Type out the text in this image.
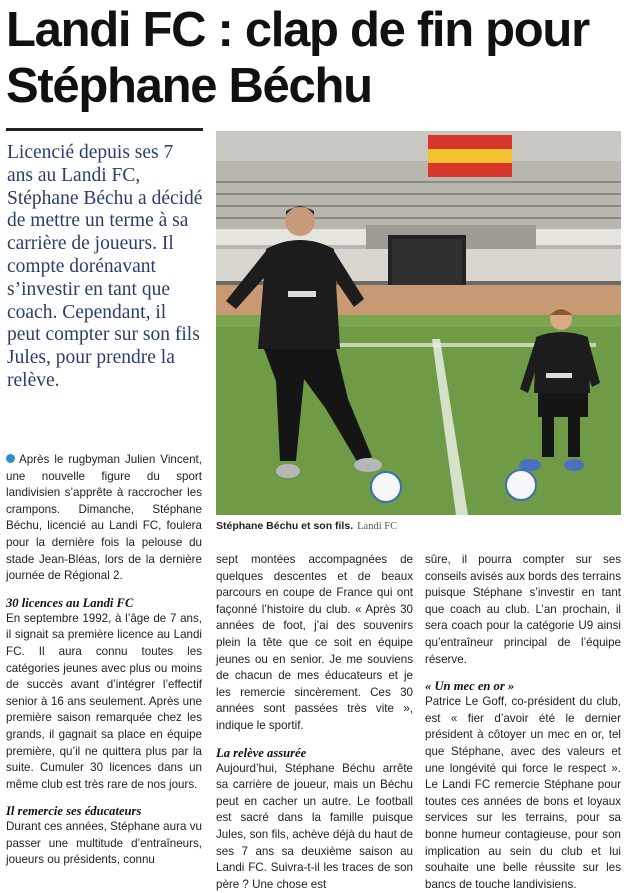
Landi FC : clap de fin pour Stéphane Béchu

Licencié depuis ses 7 ans au Landi FC, Stéphane Béchu a décidé de mettre un terme à sa carrière de joueurs. Il compte dorénavant s’investir en tant que coach. Cependant, il peut compter sur son fils Jules, pour prendre la relève.

Stéphane Béchu et son fils. Landi FC

Après le rugbyman Julien Vincent, une nouvelle figure du sport landivisien s’apprête à raccrocher les crampons. Dimanche, Stéphane Béchu, licencié au Landi FC, foulera pour la dernière fois la pelouse du stade Jean-Bléas, lors de la dernière journée de Régional 2.

30 licences au Landi FC

En septembre 1992, à l’âge de 7 ans, il signait sa première licence au Landi FC. Il aura connu toutes les catégories jeunes avec plus ou moins de succès avant d’intégrer l’effectif senior à 16 ans seulement. Après une première saison remarquée chez les grands, il gagnait sa place en équipe première, qu’il ne quittera plus par la suite. Cumuler 30 licences dans un même club est très rare de nos jours.

Il remercie ses éducateurs

Durant ces années, Stéphane aura vu passer une multitude d’entraîneurs, joueurs ou présidents, connu

sept montées accompagnées de quelques descentes et de beaux parcours en coupe de France qui ont façonné l’histoire du club. « Après 30 années de foot, j’ai des souvenirs plein la tête que ce soit en équipe jeunes ou en senior. Je me souviens de chacun de mes éducateurs et je les remercie sincèrement. Ces 30 années sont passées très vite », indique le sportif.

La relève assurée

Aujourd’hui, Stéphane Béchu arrête sa carrière de joueur, mais un Béchu peut en cacher un autre. Le football est sacré dans la famille puisque Jules, son fils, achève déjà du haut de ses 7 ans sa deuxième saison au Landi FC. Suivra-t-il les traces de son père ? Une chose est

sûre, il pourra compter sur ses conseils avisés aux bords des terrains puisque Stéphane s’investir en tant que coach au club. L’an prochain, il sera coach pour la catégorie U9 ainsi qu’entraîneur principal de l’équipe réserve.

« Un mec en or »

Patrice Le Goff, co-président du club, est « fier d’avoir été le dernier président à côtoyer un mec en or, tel que Stéphane, avec des valeurs et une longévité qui force le respect ». Le Landi FC remercie Stéphane pour toutes ces années de bons et loyaux services sur les terrains, pour sa bonne humeur contagieuse, pour son implication au sein du club et lui souhaite une belle réussite sur les bancs de touche landivisiens.
